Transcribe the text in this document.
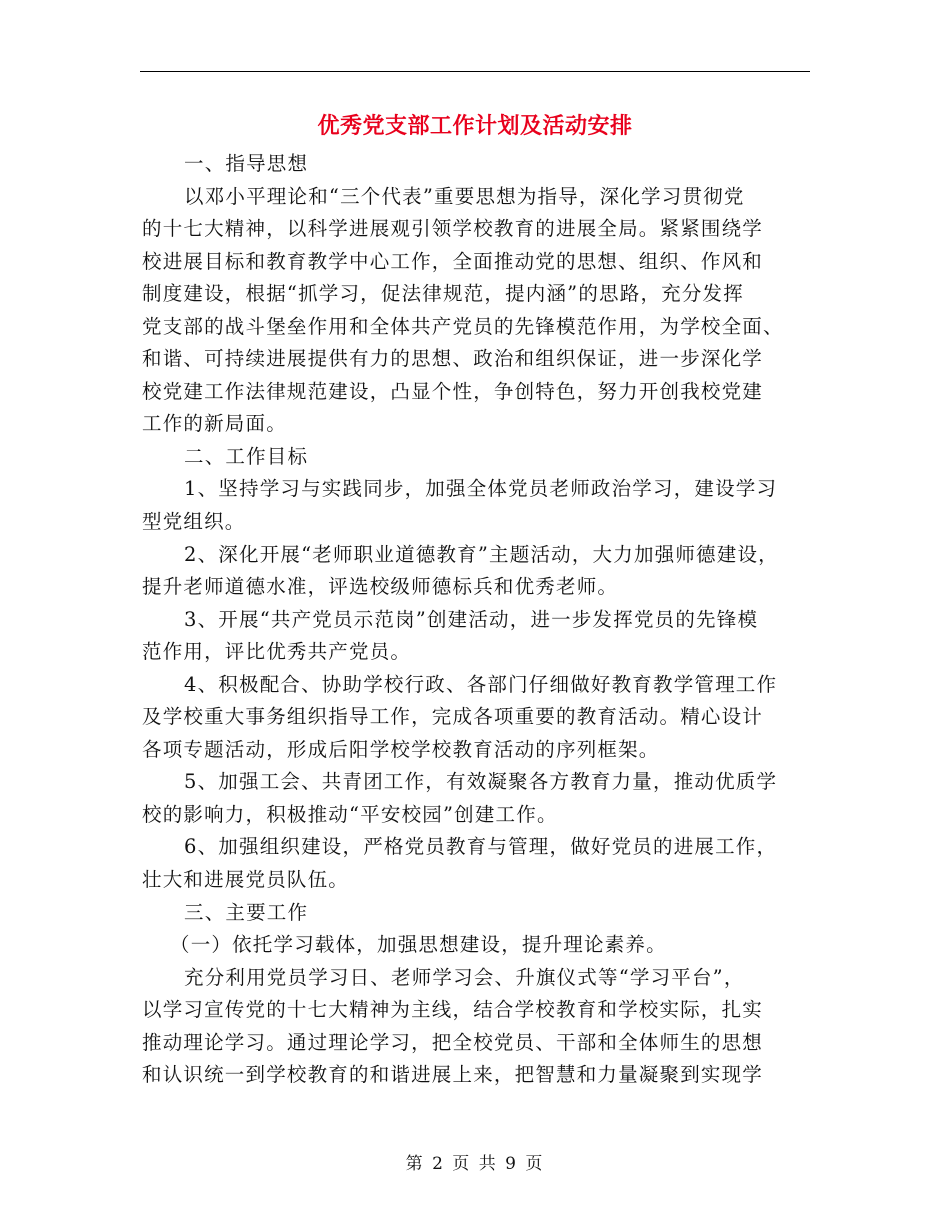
优秀党支部工作计划及活动安排
一、指导思想
以邓小平理论和“三个代表”重要思想为指导，深化学习贯彻党
的十七大精神，以科学进展观引领学校教育的进展全局。紧紧围绕学
校进展目标和教育教学中心工作，全面推动党的思想、组织、作风和
制度建设，根据“抓学习，促法律规范，提内涵”的思路，充分发挥
党支部的战斗堡垒作用和全体共产党员的先锋模范作用，为学校全面、
和谐、可持续进展提供有力的思想、政治和组织保证，进一步深化学
校党建工作法律规范建设，凸显个性，争创特色，努力开创我校党建
工作的新局面。
二、工作目标
1、坚持学习与实践同步，加强全体党员老师政治学习，建设学习
型党组织。
2、深化开展“老师职业道德教育”主题活动，大力加强师德建设，
提升老师道德水准，评选校级师德标兵和优秀老师。
3、开展“共产党员示范岗”创建活动，进一步发挥党员的先锋模
范作用，评比优秀共产党员。
4、积极配合、协助学校行政、各部门仔细做好教育教学管理工作
及学校重大事务组织指导工作，完成各项重要的教育活动。精心设计
各项专题活动，形成后阳学校学校教育活动的序列框架。
5、加强工会、共青团工作，有效凝聚各方教育力量，推动优质学
校的影响力，积极推动“平安校园”创建工作。
6、加强组织建设，严格党员教育与管理，做好党员的进展工作，
壮大和进展党员队伍。
三、主要工作
（一）依托学习载体，加强思想建设，提升理论素养。
充分利用党员学习日、老师学习会、升旗仪式等“学习平台”，
以学习宣传党的十七大精神为主线，结合学校教育和学校实际，扎实
推动理论学习。通过理论学习，把全校党员、干部和全体师生的思想
和认识统一到学校教育的和谐进展上来，把智慧和力量凝聚到实现学
第 2 页 共 9 页
